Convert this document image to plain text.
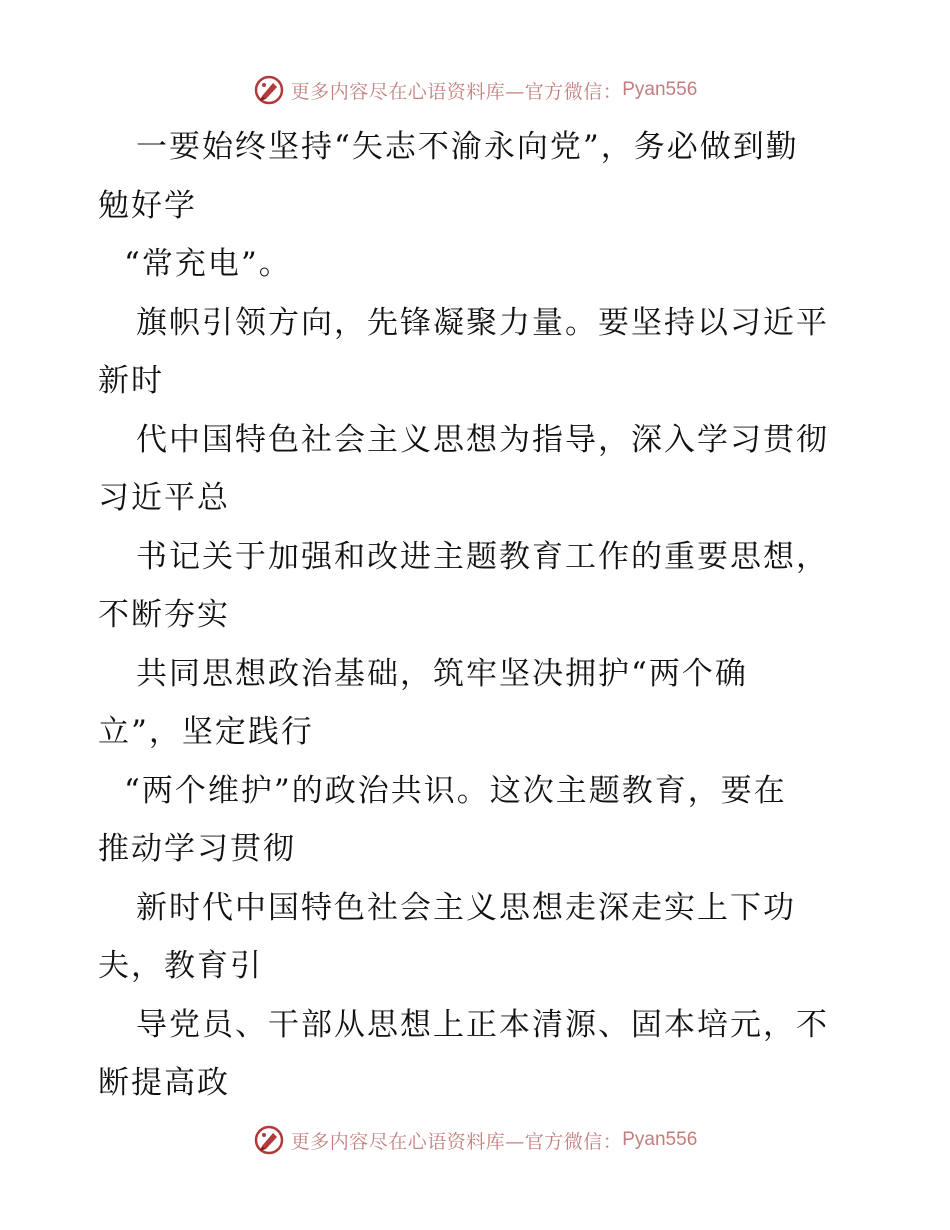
更多内容尽在心语资料库—官方微信： Pyan556
一要始终坚持“矢志不渝永向党”，务必做到勤
勉好学
“常充电”。
旗帜引领方向，先锋凝聚力量。要坚持以习近平
新时
代中国特色社会主义思想为指导，深入学习贯彻
习近平总
书记关于加强和改进主题教育工作的重要思想，
不断夯实
共同思想政治基础，筑牢坚决拥护“两个确
立”，坚定践行
“两个维护”的政治共识。这次主题教育，要在
推动学习贯彻
新时代中国特色社会主义思想走深走实上下功
夫，教育引
导党员、干部从思想上正本清源、固本培元，不
断提高政
更多内容尽在心语资料库—官方微信： Pyan556
